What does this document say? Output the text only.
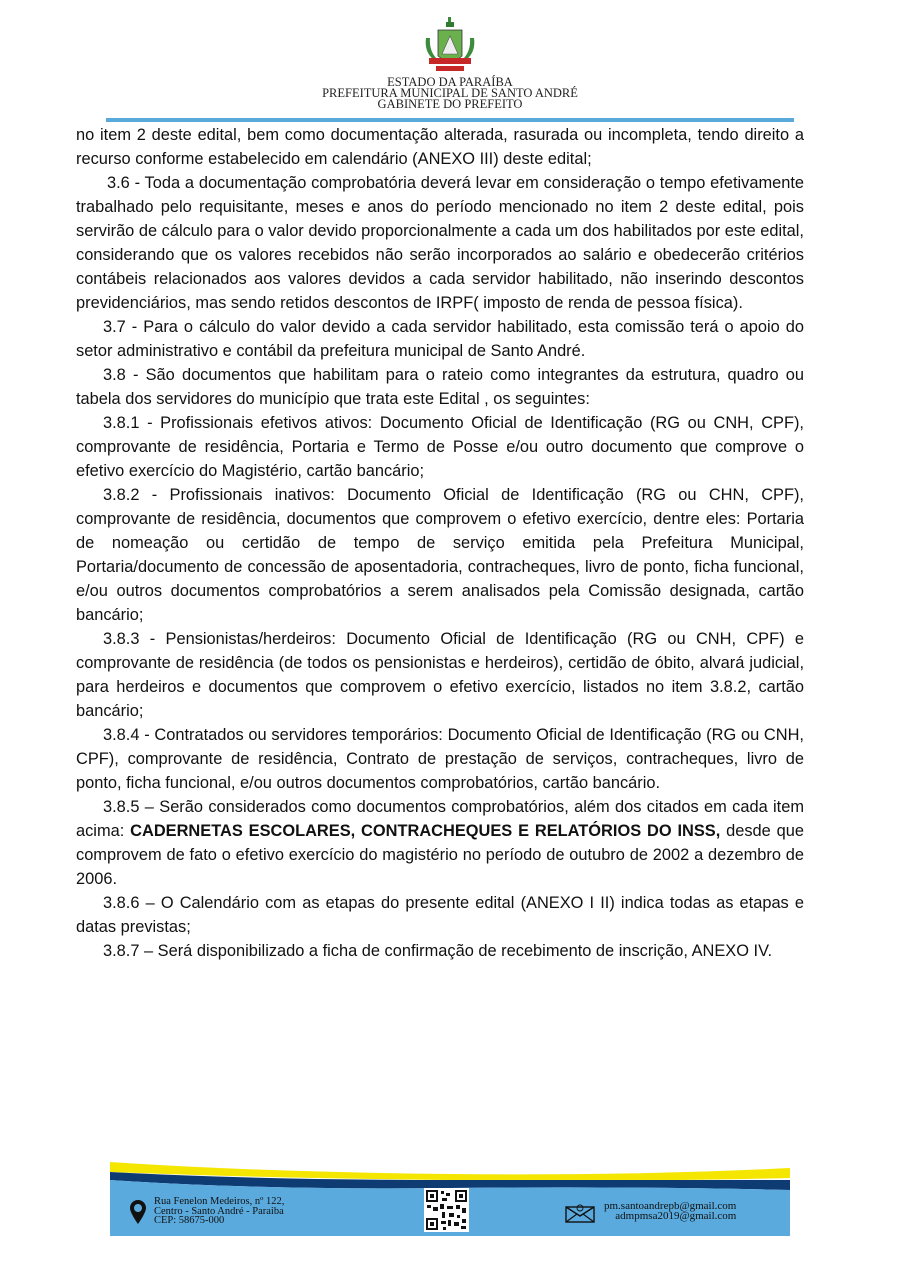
ESTADO DA PARAÍBA
PREFEITURA MUNICIPAL DE SANTO ANDRÉ
GABINETE DO PREFEITO

no item 2 deste edital, bem como documentação alterada, rasurada ou incompleta, tendo direito a recurso conforme estabelecido em calendário (ANEXO III) deste edital;

3.6 - Toda a documentação comprobatória deverá levar em consideração o tempo efetivamente trabalhado pelo requisitante, meses e anos do período mencionado no item 2 deste edital, pois servirão de cálculo para o valor devido proporcionalmente a cada um dos habilitados por este edital, considerando que os valores recebidos não serão incorporados ao salário e obedecerão critérios contábeis relacionados aos valores devidos a cada servidor habilitado, não inserindo descontos previdenciários, mas sendo retidos descontos de IRPF( imposto de renda de pessoa física).

3.7 - Para o cálculo do valor devido a cada servidor habilitado, esta comissão terá o apoio do setor administrativo e contábil da prefeitura municipal de Santo André.

3.8 - São documentos que habilitam para o rateio como integrantes da estrutura, quadro ou tabela dos servidores do município que trata este Edital , os seguintes:

3.8.1 - Profissionais efetivos ativos: Documento Oficial de Identificação (RG ou CNH, CPF), comprovante de residência, Portaria e Termo de Posse e/ou outro documento que comprove o efetivo exercício do Magistério, cartão bancário;

3.8.2 - Profissionais inativos: Documento Oficial de Identificação (RG ou CHN, CPF), comprovante de residência, documentos que comprovem o efetivo exercício, dentre eles: Portaria de nomeação ou certidão de tempo de serviço emitida pela Prefeitura Municipal, Portaria/documento de concessão de aposentadoria, contracheques, livro de ponto, ficha funcional, e/ou outros documentos comprobatórios a serem analisados pela Comissão designada, cartão bancário;

3.8.3 - Pensionistas/herdeiros: Documento Oficial de Identificação (RG ou CNH, CPF) e comprovante de residência (de todos os pensionistas e herdeiros), certidão de óbito, alvará judicial, para herdeiros e documentos que comprovem o efetivo exercício, listados no item 3.8.2, cartão bancário;

3.8.4 - Contratados ou servidores temporários: Documento Oficial de Identificação (RG ou CNH, CPF), comprovante de residência, Contrato de prestação de serviços, contracheques, livro de ponto, ficha funcional, e/ou outros documentos comprobatórios, cartão bancário.

3.8.5 – Serão considerados como documentos comprobatórios, além dos citados em cada item acima: CADERNETAS ESCOLARES, CONTRACHEQUES E RELATÓRIOS DO INSS, desde que comprovem de fato o efetivo exercício do magistério no período de outubro de 2002 a dezembro de 2006.

3.8.6 – O Calendário com as etapas do presente edital (ANEXO I II) indica todas as etapas e datas previstas;

3.8.7 – Será disponibilizado a ficha de confirmação de recebimento de inscrição, ANEXO IV.

Rua Fenelon Medeiros, nº 122,
Centro - Santo André - Paraiba
CEP: 58675-000
pm.santoandrepb@gmail.com
admpmsa2019@gmail.com
